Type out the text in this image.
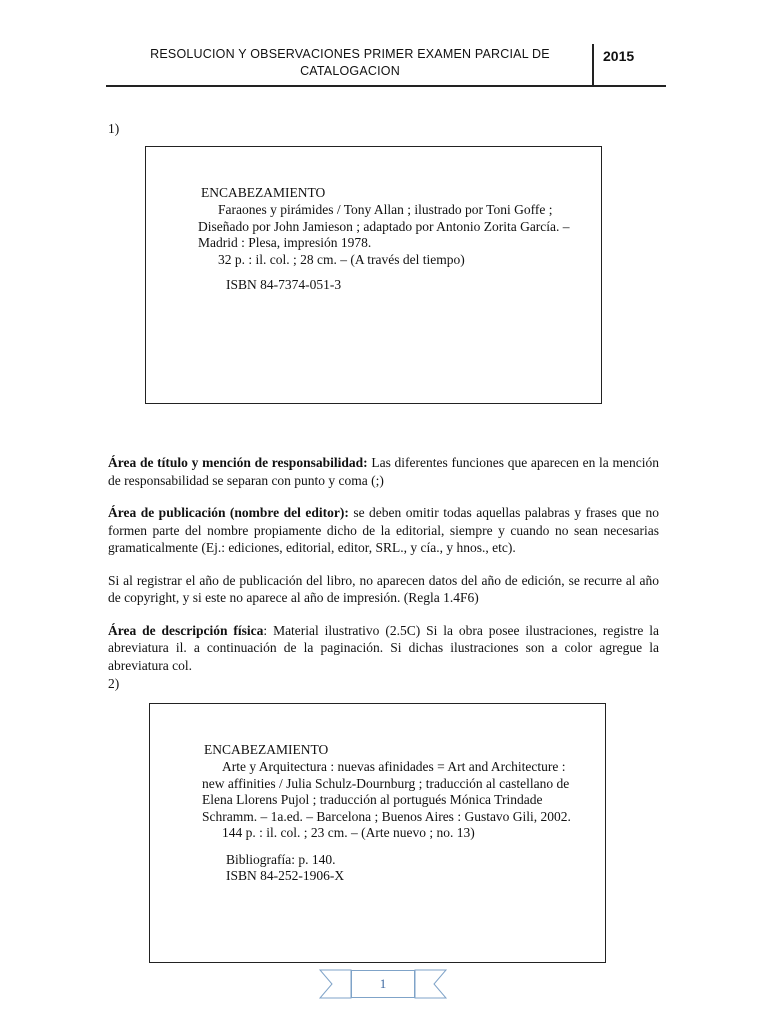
RESOLUCION Y OBSERVACIONES PRIMER EXAMEN PARCIAL DE
CATALOGACION
2015
1)
ENCABEZAMIENTO
Faraones y pirámides / Tony Allan ; ilustrado por Toni Goffe ;
Diseñado por John Jamieson ; adaptado por Antonio Zorita García. –
Madrid : Plesa, impresión 1978.
32 p. : il. col. ; 28 cm. – (A través del tiempo)
ISBN 84-7374-051-3

Área de título y mención de responsabilidad: Las diferentes funciones que aparecen en la mención de responsabilidad se separan con punto y coma (;)

Área de publicación (nombre del editor): se deben omitir todas aquellas palabras y frases que no formen parte del nombre propiamente dicho de la editorial, siempre y cuando no sean necesarias gramaticalmente (Ej.: ediciones, editorial, editor, SRL., y cía., y hnos., etc).

Si al registrar el año de publicación del libro, no aparecen datos del año de edición, se recurre al año de copyright, y si este no aparece al año de impresión. (Regla 1.4F6)

Área de descripción física: Material ilustrativo (2.5C) Si la obra posee ilustraciones, registre la abreviatura il. a continuación de la paginación. Si dichas ilustraciones son a color agregue la abreviatura col.

2)
ENCABEZAMIENTO
Arte y Arquitectura : nuevas afinidades = Art and Architecture :
new affinities / Julia Schulz-Dournburg ; traducción al castellano de
Elena Llorens Pujol ; traducción al portugués Mónica Trindade
Schramm. – 1a.ed. – Barcelona ; Buenos Aires : Gustavo Gili, 2002.
144 p. : il. col. ; 23 cm. – (Arte nuevo ; no. 13)
Bibliografía: p. 140.
ISBN 84-252-1906-X
1
